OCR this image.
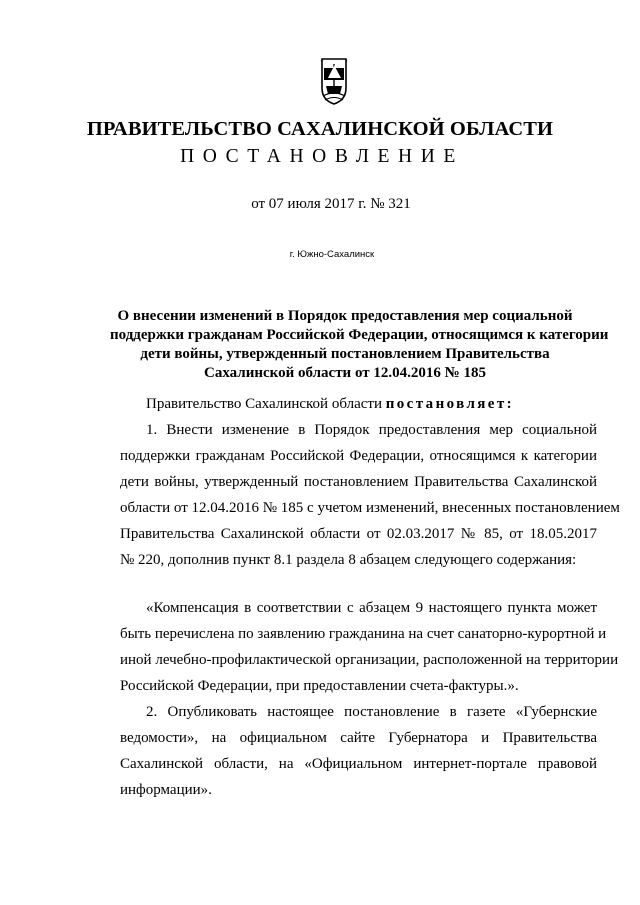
ПРАВИТЕЛЬСТВО САХАЛИНСКОЙ ОБЛАСТИ
ПОСТАНОВЛЕНИЕ
от 07 июля 2017 г. № 321
г. Южно-Сахалинск
О внесении изменений в Порядок предоставления мер социальной
поддержки гражданам Российской Федерации, относящимся к категории
дети войны, утвержденный постановлением Правительства
Сахалинской области от 12.04.2016 № 185
Правительство Сахалинской области постановляет:
1. Внести изменение в Порядок предоставления мер социальной
поддержки гражданам Российской Федерации, относящимся к категории
дети войны, утвержденный постановлением Правительства Сахалинской
области от 12.04.2016 № 185 с учетом изменений, внесенных постановлением
Правительства Сахалинской области от 02.03.2017 № 85, от 18.05.2017
№ 220, дополнив пункт 8.1 раздела 8 абзацем следующего содержания:
«Компенсация в соответствии с абзацем 9 настоящего пункта может
быть перечислена по заявлению гражданина на счет санаторно-курортной и
иной лечебно-профилактической организации, расположенной на территории
Российской Федерации, при предоставлении счета-фактуры.».
2. Опубликовать настоящее постановление в газете «Губернские
ведомости», на официальном сайте Губернатора и Правительства
Сахалинской области, на «Официальном интернет-портале правовой
информации».
